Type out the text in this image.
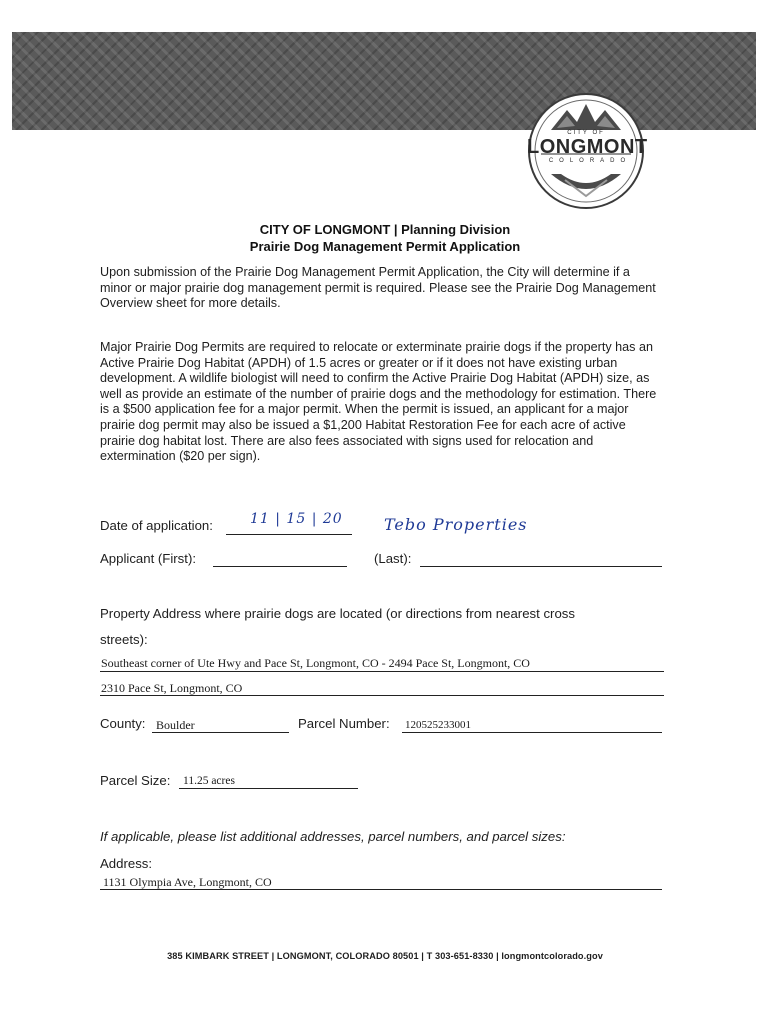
CITY OF
LONGMONT
COLORADO
CITY OF LONGMONT | Planning Division
Prairie Dog Management Permit Application
Upon submission of the Prairie Dog Management Permit Application, the City will determine if a minor or major prairie dog management permit is required. Please see the Prairie Dog Management Overview sheet for more details.
Major Prairie Dog Permits are required to relocate or exterminate prairie dogs if the property has an Active Prairie Dog Habitat (APDH) of 1.5 acres or greater or if it does not have existing urban development. A wildlife biologist will need to confirm the Active Prairie Dog Habitat (APDH) size, as well as provide an estimate of the number of prairie dogs and the methodology for estimation. There is a $500 application fee for a major permit. When the permit is issued, an applicant for a major prairie dog permit may also be issued a $1,200 Habitat Restoration Fee for each acre of active prairie dog habitat lost. There are also fees associated with signs used for relocation and extermination ($20 per sign).
Date of application:	11 | 15 | 20	Tebo Properties
Applicant (First):	(Last):
Property Address where prairie dogs are located (or directions from nearest cross
streets):
Southeast corner of Ute Hwy and Pace St, Longmont, CO - 2494 Pace St, Longmont, CO
2310 Pace St, Longmont, CO
County: Boulder	Parcel Number: 120525233001
Parcel Size: 11.25 acres
If applicable, please list additional addresses, parcel numbers, and parcel sizes:
Address:
1131 Olympia Ave, Longmont, CO
385 KIMBARK STREET | LONGMONT, COLORADO 80501 | T 303-651-8330 | longmontcolorado.gov
